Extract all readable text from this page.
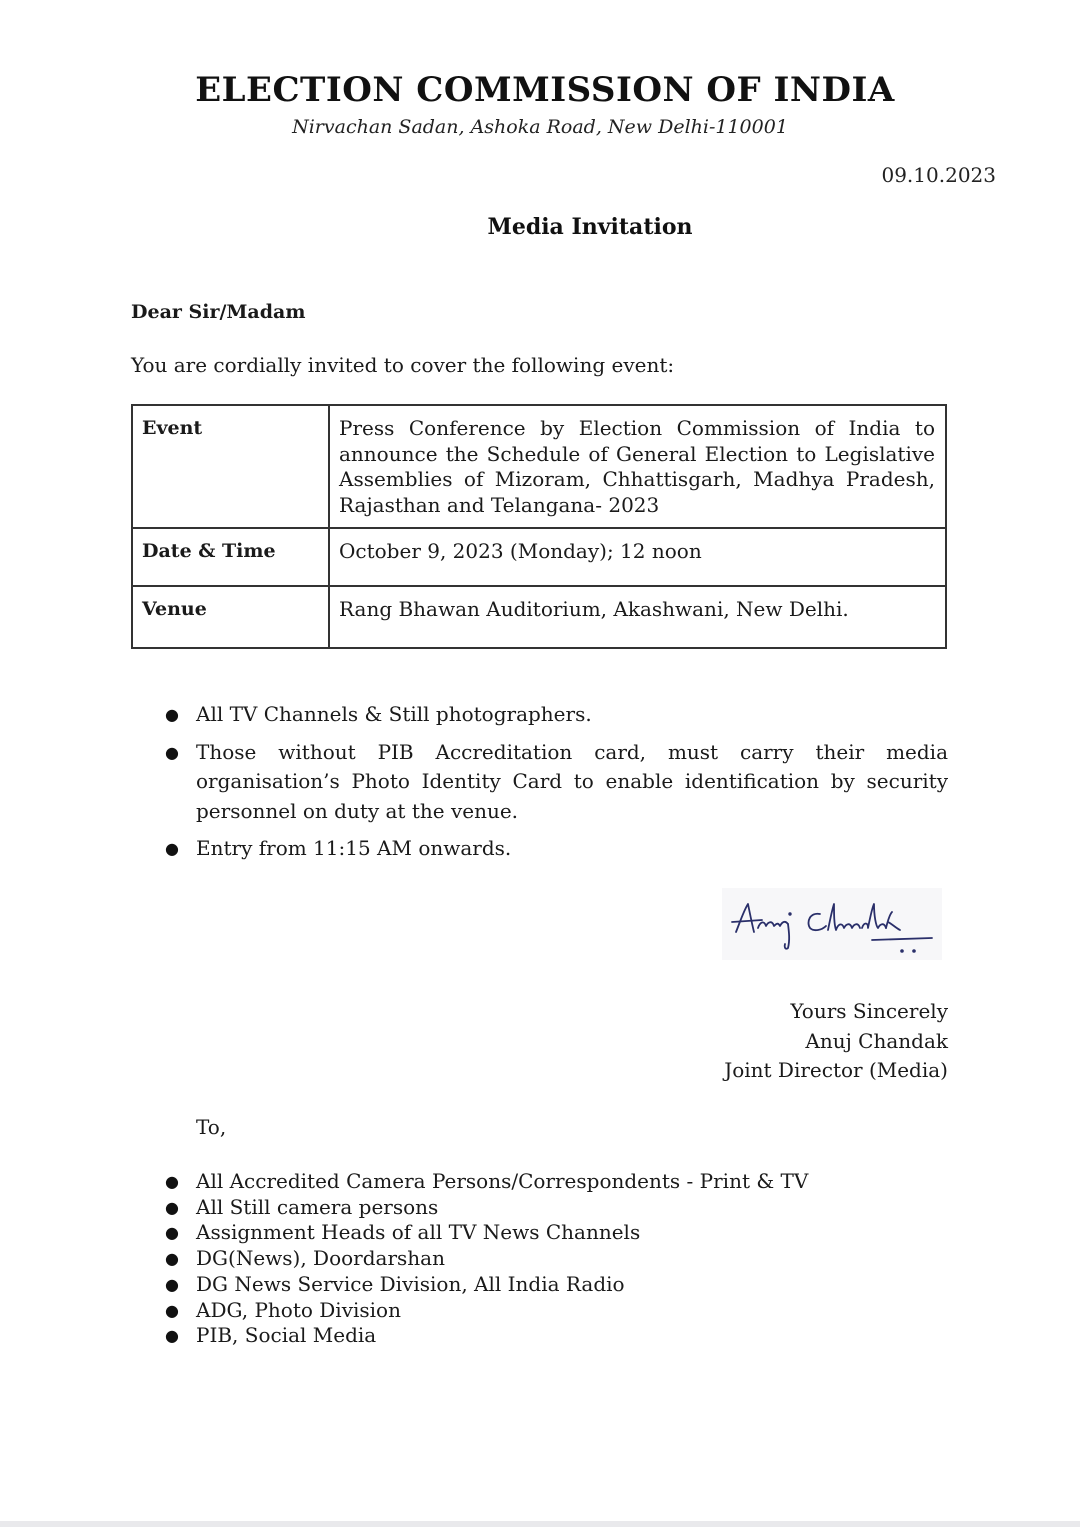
ELECTION COMMISSION OF INDIA
Nirvachan Sadan, Ashoka Road, New Delhi-110001
09.10.2023
Media Invitation
Dear Sir/Madam
You are cordially invited to cover the following event:
Event	Press Conference by Election Commission of India to announce the Schedule of General Election to Legislative Assemblies of Mizoram, Chhattisgarh, Madhya Pradesh, Rajasthan and Telangana- 2023
Date & Time	October 9, 2023 (Monday); 12 noon
Venue	Rang Bhawan Auditorium, Akashwani, New Delhi.
● All TV Channels & Still photographers.
● Those without PIB Accreditation card, must carry their media organisation’s Photo Identity Card to enable identification by security personnel on duty at the venue.
● Entry from 11:15 AM onwards.
Yours Sincerely
Anuj Chandak
Joint Director (Media)
To,
● All Accredited Camera Persons/Correspondents - Print & TV
● All Still camera persons
● Assignment Heads of all TV News Channels
● DG(News), Doordarshan
● DG News Service Division, All India Radio
● ADG, Photo Division
● PIB, Social Media
